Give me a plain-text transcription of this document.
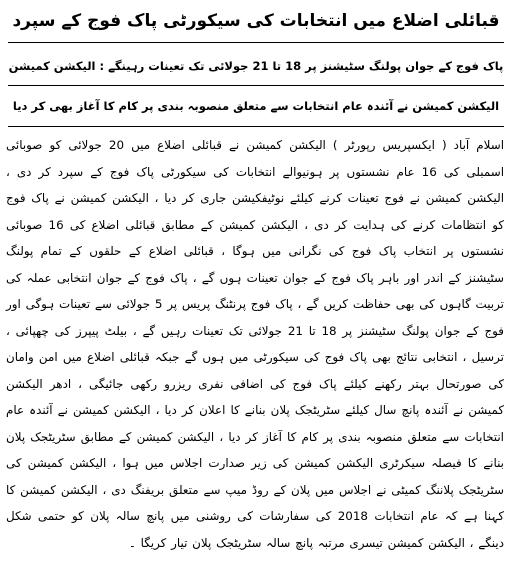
قبائلی اضلاع میں انتخابات کی سیکورٹی پاک فوج کے سپرد
پاک فوج کے جوان پولنگ سٹیشنز پر 18 تا 21 جولائی تک تعینات رہینگے : الیکشن کمیشن
الیکشن کمیشن نے آئندہ عام انتخابات سے متعلق منصوبہ بندی پر کام کا آغاز بھی کر دیا
اسلام آباد ( ایکسپریس رپورٹر ) الیکشن کمیشن نے قبائلی اضلاع میں 20 جولائی کو صوبائی اسمبلی کی 16 عام نشستوں پر ہونیوالے انتخابات کی سیکورٹی پاک فوج کے سپرد کر دی ، الیکشن کمیشن نے فوج تعینات کرنے کیلئے نوٹیفکیشن جاری کر دیا ، الیکشن کمیشن نے پاک فوج کو انتظامات کرنے کی ہدایت کر دی ، الیکشن کمیشن کے مطابق قبائلی اضلاع کی 16 صوبائی نشستوں پر انتخاب پاک فوج کی نگرانی میں ہوگا ، قبائلی اضلاع کے حلقوں کے تمام پولنگ سٹیشنز کے اندر اور باہر پاک فوج کے جوان تعینات ہوں گے ، پاک فوج کے جوان انتخابی عملہ کی تربیت گاہوں کی بھی حفاظت کریں گے ، پاک فوج پرنٹنگ پریس پر 5 جولائی سے تعینات ہوگی اور فوج کے جوان پولنگ سٹیشنز پر 18 تا 21 جولائی تک تعینات رہیں گے ، بیلٹ پیپرز کی چھپائی ، ترسیل ، انتخابی نتائج بھی پاک فوج کی سیکورٹی میں ہوں گے جبکہ قبائلی اضلاع میں امن وامان کی صورتحال بہتر رکھنے کیلئے پاک فوج کی اضافی نفری ریزرو رکھی جائیگی ، ادھر الیکشن کمیشن نے آئندہ پانچ سال کیلئے سٹریٹجک پلان بنانے کا اعلان کر دیا ، الیکشن کمیشن نے آئندہ عام انتخابات سے متعلق منصوبہ بندی پر کام کا آغاز کر دیا ، الیکشن کمیشن کے مطابق سٹریٹجک پلان بنانے کا فیصلہ سیکرٹری الیکشن کمیشن کی زیر صدارت اجلاس میں ہوا ، الیکشن کمیشن کی سٹریٹجک پلاننگ کمیٹی نے اجلاس میں پلان کے روڈ میپ سے متعلق بریفنگ دی ، الیکشن کمیشن کا کہنا ہے کہ عام انتخابات 2018 کی سفارشات کی روشنی میں پانچ سالہ پلان کو حتمی شکل دینگے ، الیکشن کمیشن تیسری مرتبہ پانچ سالہ سٹریٹجک پلان تیار کریگا ۔
